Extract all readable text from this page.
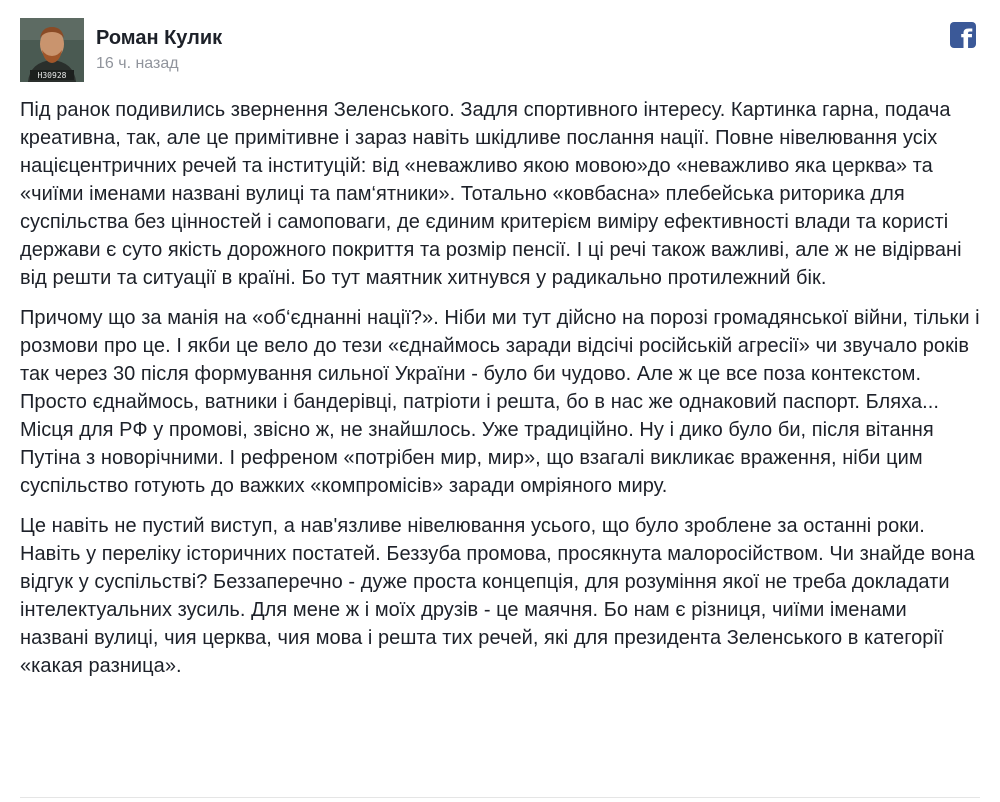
Н30928
Роман Кулик
16 ч. назад
f

Під ранок подивились звернення Зеленського. Задля спортивного інтересу. Картинка гарна, подача креативна, так, але це примітивне і зараз навіть шкідливе послання нації. Повне нівелювання усіх націєцентричних речей та інституцій: від «неважливо якою мовою»до «неважливо яка церква» та «чиїми іменами названі вулиці та пам‘ятники». Тотально «ковбасна» плебейська риторика для суспільства без цінностей і самоповаги, де єдиним критерієм виміру ефективності влади та користі держави є суто якість дорожного покриття та розмір пенсії. І ці речі також важливі, але ж не відірвані від решти та ситуації в країні. Бо тут маятник хитнувся у радикально протилежний бік.

Причому що за манія на «об‘єднанні нації?». Ніби ми тут дійсно на порозі громадянської війни, тільки і розмови про це. І якби це вело до тези «єднаймось заради відсічі російській агресії» чи звучало років так через 30 після формування сильної України - було би чудово. Але ж це все поза контекстом. Просто єднаймось, ватники і бандерівці, патріоти і решта, бо в нас же однаковий паспорт. Бляха...

Місця для РФ у промові, звісно ж, не знайшлось. Уже традиційно. Ну і дико було би, після вітання Путіна з новорічними. І рефреном «потрібен мир, мир», що взагалі викликає враження, ніби цим суспільство готують до важких «компромісів» заради омріяного миру.

Це навіть не пустий виступ, а нав'язливе нівелювання усього, що було зроблене за останні роки. Навіть у переліку історичних постатей. Беззуба промова, просякнута малоросійством. Чи знайде вона відгук у суспільстві? Беззаперечно - дуже проста концепція, для розуміння якої не треба докладати інтелектуальних зусиль. Для мене ж і моїх друзів - це маячня. Бо нам є різниця, чиїми іменами названі вулиці, чия церква, чия мова і решта тих речей, які для президента Зеленського в категорії «какая разница».
